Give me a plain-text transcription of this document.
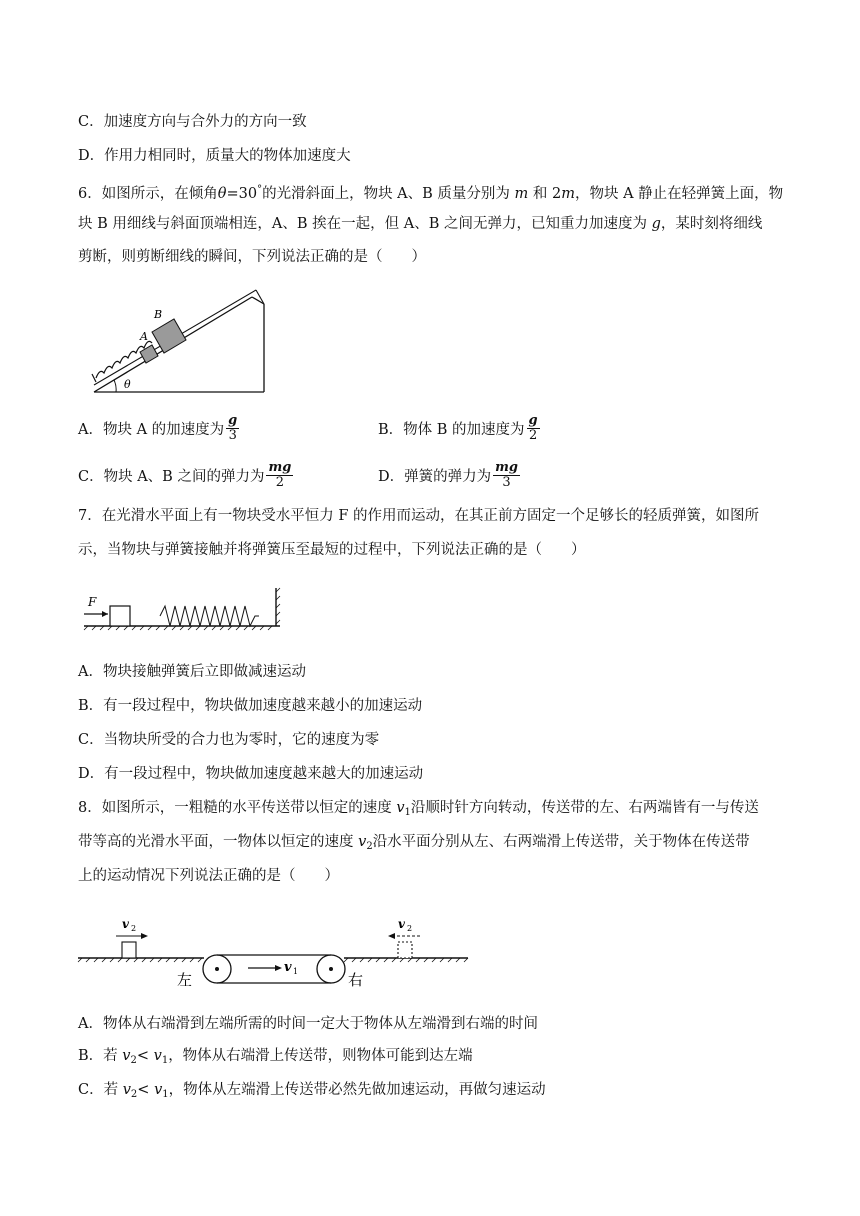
C．加速度方向与合外力的方向一致
D．作用力相同时，质量大的物体加速度大
6．如图所示，在倾角θ=30°的光滑斜面上，物块 A、B 质量分别为 m 和 2m，物块 A 静止在轻弹簧上面，物
块 B 用细线与斜面顶端相连，A、B 挨在一起，但 A、B 之间无弹力，已知重力加速度为 g，某时刻将细线
剪断，则剪断细线的瞬间，下列说法正确的是（　　）
B
A
θ
A．物块 A 的加速度为 $\frac{g}{3}$	B．物体 B 的加速度为 $\frac{g}{2}$
C．物块 A、B 之间的弹力为 $\frac{mg}{2}$	D．弹簧的弹力为 $\frac{mg}{3}$
7．在光滑水平面上有一物块受水平恒力 F 的作用而运动，在其正前方固定一个足够长的轻质弹簧，如图所
示，当物块与弹簧接触并将弹簧压至最短的过程中，下列说法正确的是（　　）
F
A．物块接触弹簧后立即做减速运动
B．有一段过程中，物块做加速度越来越小的加速运动
C．当物块所受的合力也为零时，它的速度为零
D．有一段过程中，物块做加速度越来越大的加速运动
8．如图所示，一粗糙的水平传送带以恒定的速度 $v_1$沿顺时针方向转动，传送带的左、右两端皆有一与传送
带等高的光滑水平面，一物体以恒定的速度 $v_2$沿水平面分别从左、右两端滑上传送带，关于物体在传送带
上的运动情况下列说法正确的是（　　）
v 2	v 2
v 1
左	右
A．物体从右端滑到左端所需的时间一定大于物体从左端滑到右端的时间
B．若 $v_2< v_1$，物体从右端滑上传送带，则物体可能到达左端
C．若 $v_2< v_1$，物体从左端滑上传送带必然先做加速运动，再做匀速运动
